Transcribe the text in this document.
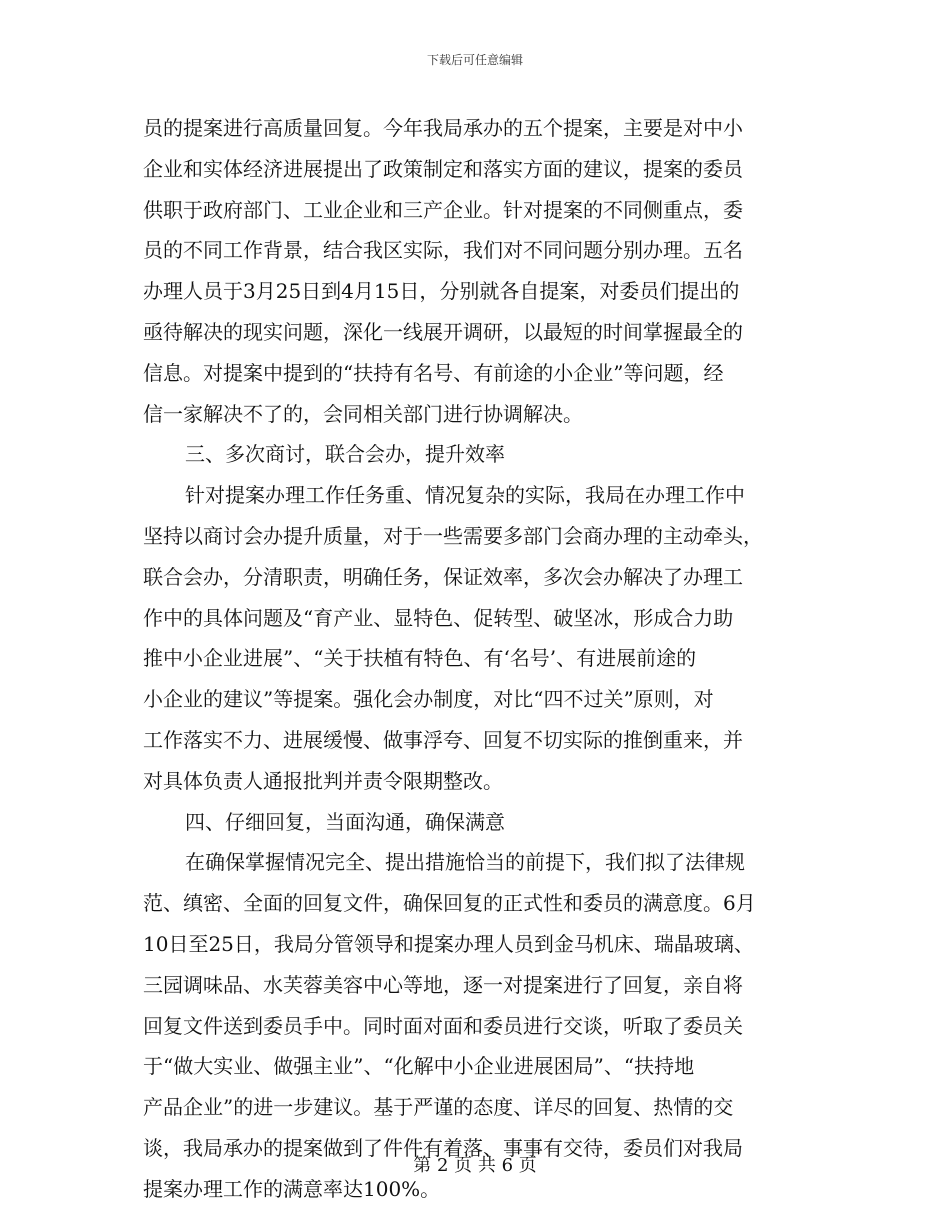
下载后可任意编辑
员的提案进行高质量回复。今年我局承办的五个提案，主要是对中小
企业和实体经济进展提出了政策制定和落实方面的建议，提案的委员
供职于政府部门、工业企业和三产企业。针对提案的不同侧重点，委
员的不同工作背景，结合我区实际，我们对不同问题分别办理。五名
办理人员于3月25日到4月15日，分别就各自提案，对委员们提出的
亟待解决的现实问题，深化一线展开调研，以最短的时间掌握最全的
信息。对提案中提到的“扶持有名号、有前途的小企业”等问题，经
信一家解决不了的，会同相关部门进行协调解决。
三、多次商讨，联合会办，提升效率
针对提案办理工作任务重、情况复杂的实际，我局在办理工作中
坚持以商讨会办提升质量，对于一些需要多部门会商办理的主动牵头，
联合会办，分清职责，明确任务，保证效率，多次会办解决了办理工
作中的具体问题及“育产业、显特色、促转型、破坚冰，形成合力助
推中小企业进展”、“关于扶植有特色、有‘名号’、有进展前途的
小企业的建议”等提案。强化会办制度，对比“四不过关”原则，对
工作落实不力、进展缓慢、做事浮夸、回复不切实际的推倒重来，并
对具体负责人通报批判并责令限期整改。
四、仔细回复，当面沟通，确保满意
在确保掌握情况完全、提出措施恰当的前提下，我们拟了法律规
范、缜密、全面的回复文件，确保回复的正式性和委员的满意度。6月
10日至25日，我局分管领导和提案办理人员到金马机床、瑞晶玻璃、
三园调味品、水芙蓉美容中心等地，逐一对提案进行了回复，亲自将
回复文件送到委员手中。同时面对面和委员进行交谈，听取了委员关
于“做大实业、做强主业”、“化解中小企业进展困局”、“扶持地
产品企业”的进一步建议。基于严谨的态度、详尽的回复、热情的交
谈，我局承办的提案做到了件件有着落、事事有交待，委员们对我局
提案办理工作的满意率达100%。
第 2 页 共 6 页
